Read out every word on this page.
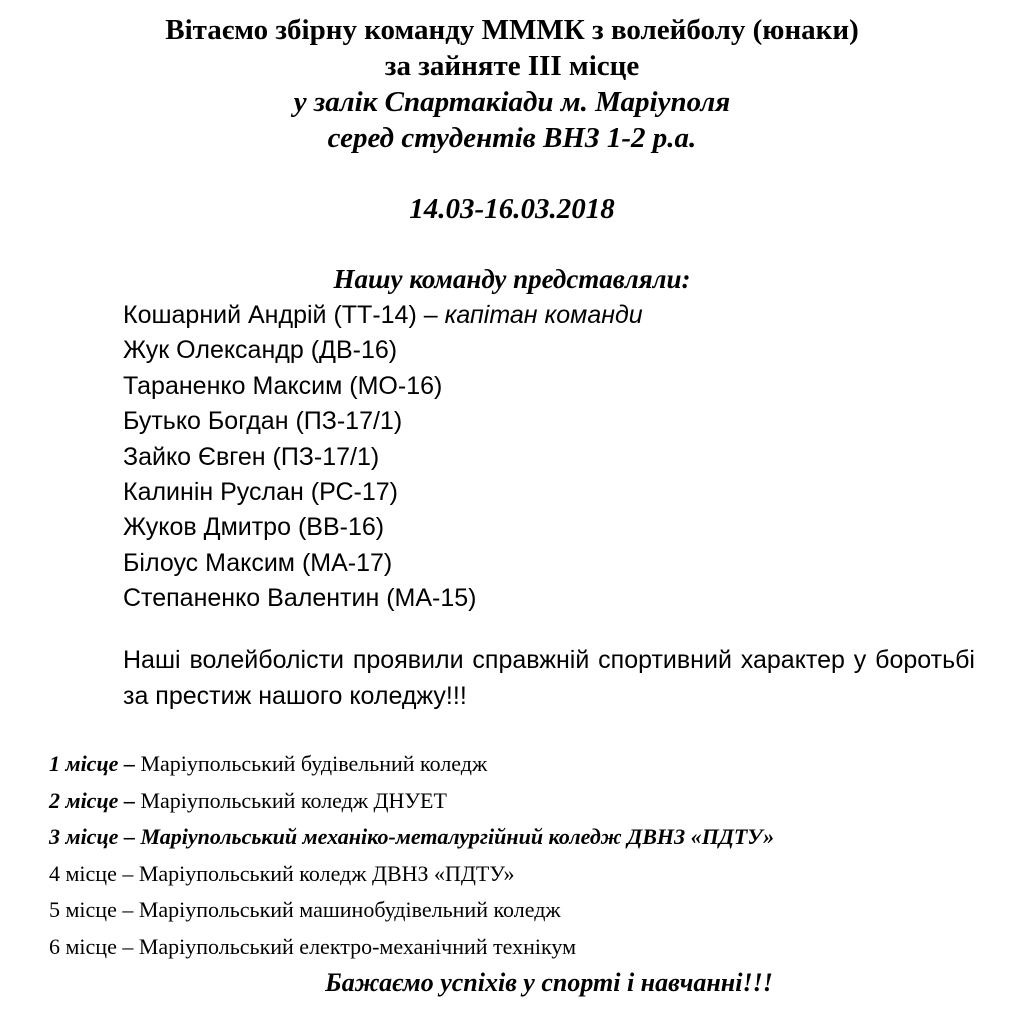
Вітаємо збірну команду МММК з волейболу (юнаки)
за зайняте ІІІ місце
у залік Спартакіади м. Маріуполя
серед студентів ВНЗ 1-2 р.а.
14.03-16.03.2018
Нашу команду представляли:
Кошарний Андрій (ТТ-14) – капітан команди
Жук Олександр (ДВ-16)
Тараненко Максим (МО-16)
Бутько Богдан (ПЗ-17/1)
Зайко Євген (ПЗ-17/1)
Калинін Руслан (РС-17)
Жуков Дмитро (ВВ-16)
Білоус Максим (МА-17)
Степаненко Валентин (МА-15)

Наші волейболісти проявили справжній спортивний характер у боротьбі за престиж нашого коледжу!!!

1 місце – Маріупольський будівельний коледж
2 місце – Маріупольський коледж ДНУЕТ
3 місце – Маріупольський механіко-металургійний коледж ДВНЗ «ПДТУ»
4 місце – Маріупольський коледж ДВНЗ «ПДТУ»
5 місце – Маріупольський машинобудівельний коледж
6 місце – Маріупольський електро-механічний технікум
Бажаємо успіхів у спорті і навчанні!!!
